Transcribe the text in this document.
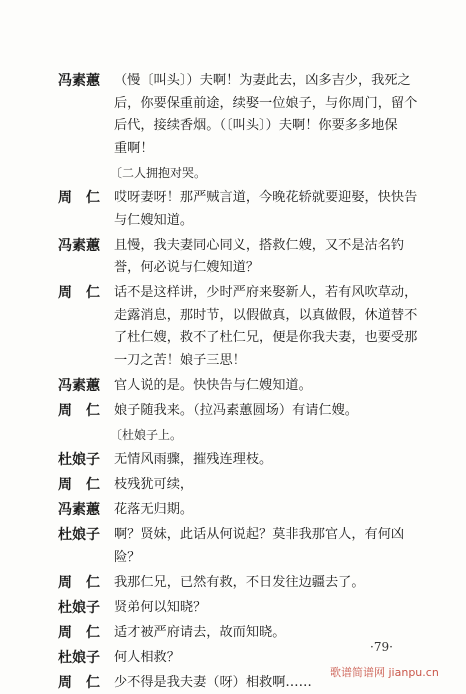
冯素蕙	（慢〔叫头〕）夫啊！为妻此去，凶多吉少，我死之
后，你要保重前途，续娶一位娘子，与你周门，留个
后代，接续香烟。（〔叫头〕）夫啊！你要多多地保
重啊！
〔二人拥抱对哭。
周　仁	哎呀妻呀！那严贼言道，今晚花轿就要迎娶，快快告
与仁嫂知道。
冯素蕙	且慢，我夫妻同心同义，搭救仁嫂，又不是沽名钓
誉，何必说与仁嫂知道？
周　仁	话不是这样讲，少时严府来娶新人，若有风吹草动，
走露消息，那时节，以假做真，以真做假，休道替不
了杜仁嫂，救不了杜仁兄，便是你我夫妻，也要受那
一刀之苦！娘子三思！
冯素蕙	官人说的是。快快告与仁嫂知道。
周　仁	娘子随我来。（拉冯素蕙圆场）有请仁嫂。
〔杜娘子上。
杜娘子	无情风雨骤，摧残连理枝。
周　仁	枝残犹可续，
冯素蕙	花落无归期。
杜娘子	啊？贤妹，此话从何说起？莫非我那官人，有何凶
险？
周　仁	我那仁兄，已然有救，不日发往边疆去了。
杜娘子	贤弟何以知晓？
周　仁	适才被严府请去，故而知晓。
杜娘子	何人相救？
周　仁	少不得是我夫妻（呀）相救啊……
·79·
歌谱简谱网 jianpu.cn
